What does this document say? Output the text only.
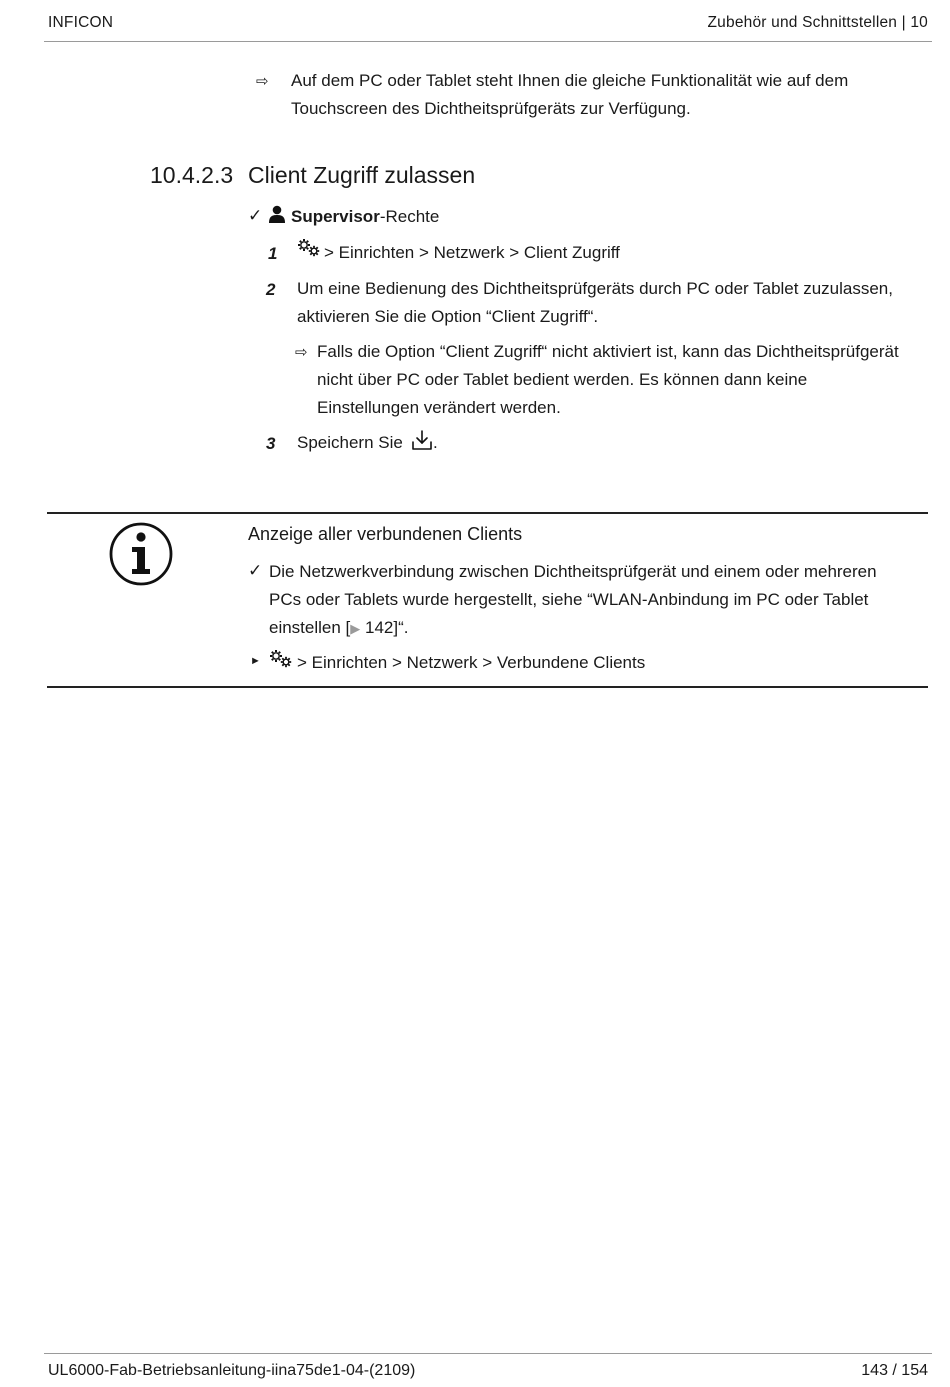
INFICON	Zubehör und Schnittstellen | 10
⇨ Auf dem PC oder Tablet steht Ihnen die gleiche Funktionalität wie auf dem
Touchscreen des Dichtheitsprüfgeräts zur Verfügung.
10.4.2.3 Client Zugriff zulassen
✓ Supervisor-Rechte
1	> Einrichten > Netzwerk > Client Zugriff
2 Um eine Bedienung des Dichtheitsprüfgeräts durch PC oder Tablet zuzulassen,
aktivieren Sie die Option “Client Zugriff“.
⇨ Falls die Option “Client Zugriff“ nicht aktiviert ist, kann das Dichtheitsprüfgerät
nicht über PC oder Tablet bedient werden. Es können dann keine
Einstellungen verändert werden.
3 Speichern Sie .
Anzeige aller verbundenen Clients
✓ Die Netzwerkverbindung zwischen Dichtheitsprüfgerät und einem oder mehreren
PCs oder Tablets wurde hergestellt, siehe “WLAN-Anbindung im PC oder Tablet
einstellen [▶ 142]“.
► > Einrichten > Netzwerk > Verbundene Clients
UL6000-Fab-Betriebsanleitung-iina75de1-04-(2109)	143 / 154
